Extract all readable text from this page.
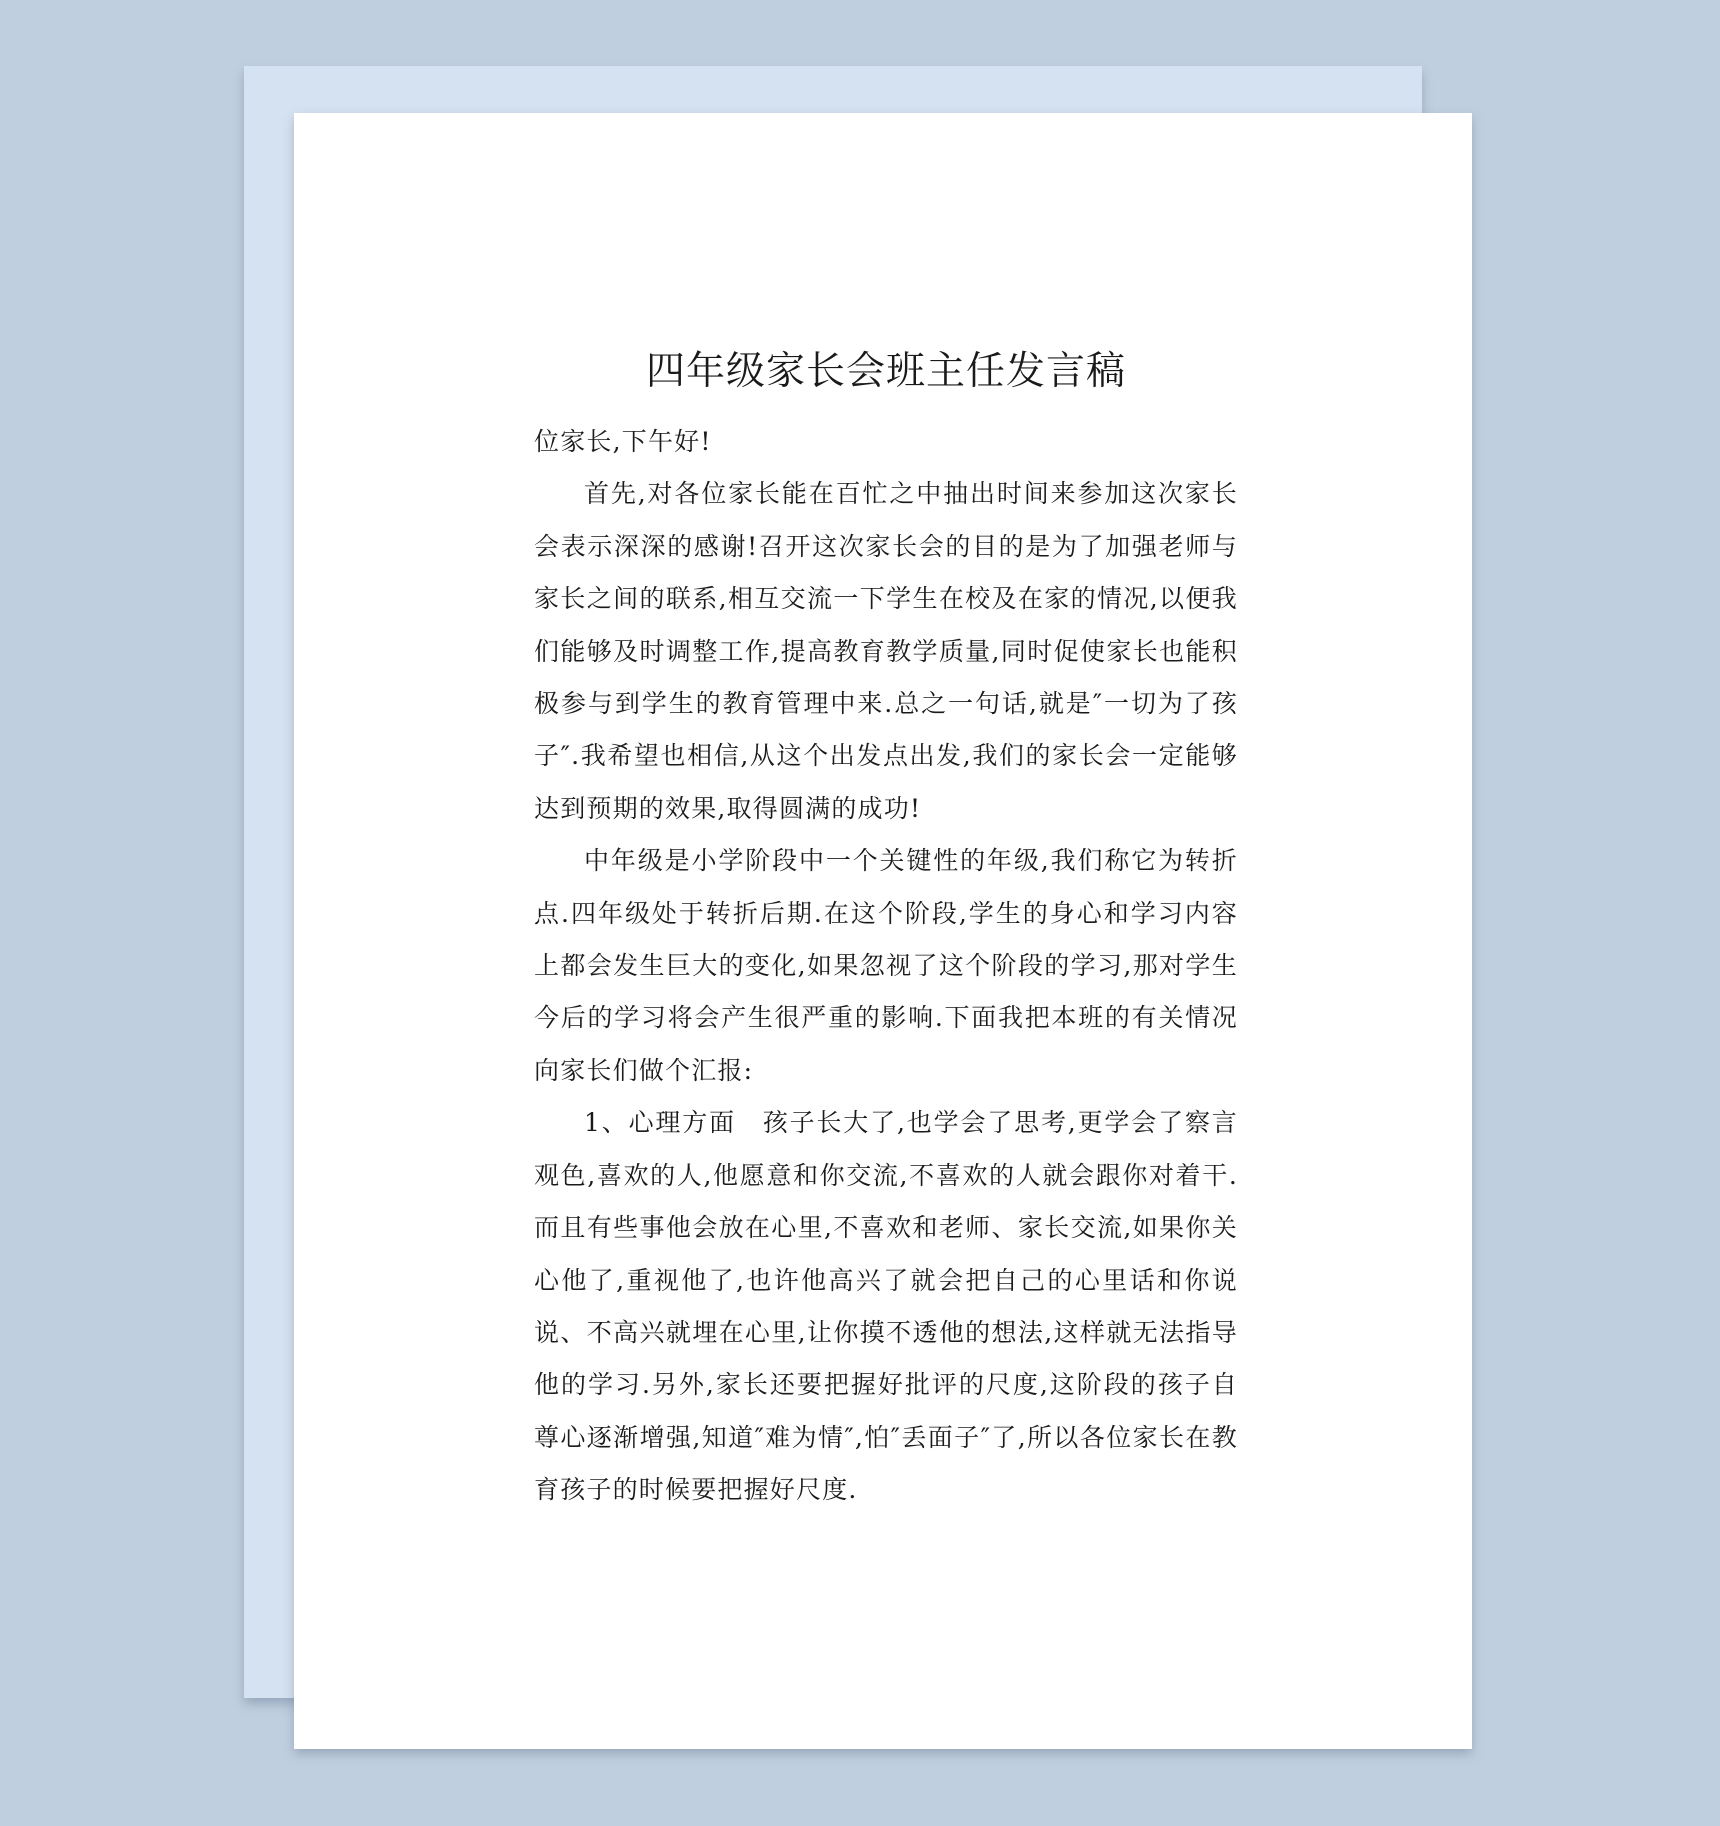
四年级家长会班主任发言稿

位家长,下午好!

首先,对各位家长能在百忙之中抽出时间来参加这次家长会表示深深的感谢!召开这次家长会的目的是为了加强老师与家长之间的联系,相互交流一下学生在校及在家的情况,以便我们能够及时调整工作,提高教育教学质量,同时促使家长也能积极参与到学生的教育管理中来.总之一句话,就是″一切为了孩子″.我希望也相信,从这个出发点出发,我们的家长会一定能够达到预期的效果,取得圆满的成功!

中年级是小学阶段中一个关键性的年级,我们称它为转折点.四年级处于转折后期.在这个阶段,学生的身心和学习内容上都会发生巨大的变化,如果忽视了这个阶段的学习,那对学生今后的学习将会产生很严重的影响.下面我把本班的有关情况向家长们做个汇报:

1、心理方面　孩子长大了,也学会了思考,更学会了察言观色,喜欢的人,他愿意和你交流,不喜欢的人就会跟你对着干.而且有些事他会放在心里,不喜欢和老师、家长交流,如果你关心他了,重视他了,也许他高兴了就会把自己的心里话和你说说、不高兴就埋在心里,让你摸不透他的想法,这样就无法指导他的学习.另外,家长还要把握好批评的尺度,这阶段的孩子自尊心逐渐增强,知道″难为情″,怕″丢面子″了,所以各位家长在教育孩子的时候要把握好尺度.
